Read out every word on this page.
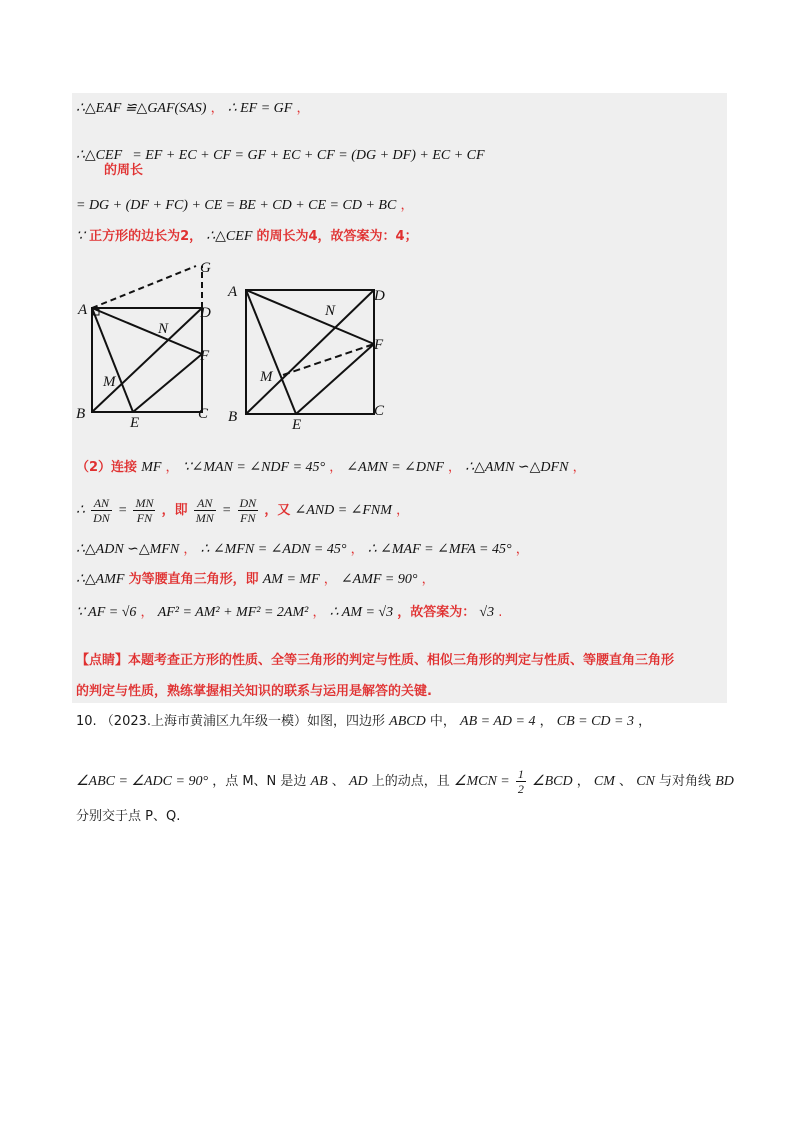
∴△EAF ≌△GAF(SAS) ， ∴ EF = GF ，
∴△CEF = EF + EC + CF = GF + EC + CF = (DG + DF) + EC + CF
的周长
= DG + (DF + FC) + CE = BE + CD + CE = CD + BC ，
∵ 正方形的边长为2， ∴△CEF 的周长为4，故答案为：4；
A
B	C
D
E
F
G
M
N
A
B	C
D
E
F
M
N
（2）连接 MF ， ∵∠MAN = ∠NDF = 45° ， ∠AMN = ∠DNF ， ∴△AMN ∽△DFN ，
∴ $\frac{AN}{DN} = \frac{MN}{FN}$ ，即 $\frac{AN}{MN} = \frac{DN}{FN}$ ，又 ∠AND = ∠FNM ，
∴△ADN ∽△MFN ， ∴ ∠MFN = ∠ADN = 45° ， ∴ ∠MAF = ∠MFA = 45° ，
∴△AMF 为等腰直角三角形，即 AM = MF ， ∠AMF = 90° ，
∵ AF = √6 ， AF² = AM² + MF² = 2AM² ， ∴ AM = √3 ，故答案为： √3 .
【点睛】本题考查正方形的性质、全等三角形的判定与性质、相似三角形的判定与性质、等腰直角三角形
的判定与性质，熟练掌握相关知识的联系与运用是解答的关键.
10. （2023.上海市黄浦区九年级一模）如图，四边形 ABCD 中， AB = AD = 4 ， CB = CD = 3 ，
∠ABC = ∠ADC = 90° ，点 M、N 是边 AB 、 AD 上的动点，且 ∠MCN = $\frac{1}{2}$ ∠BCD ， CM 、 CN 与对角线 BD
分别交于点 P、Q.
